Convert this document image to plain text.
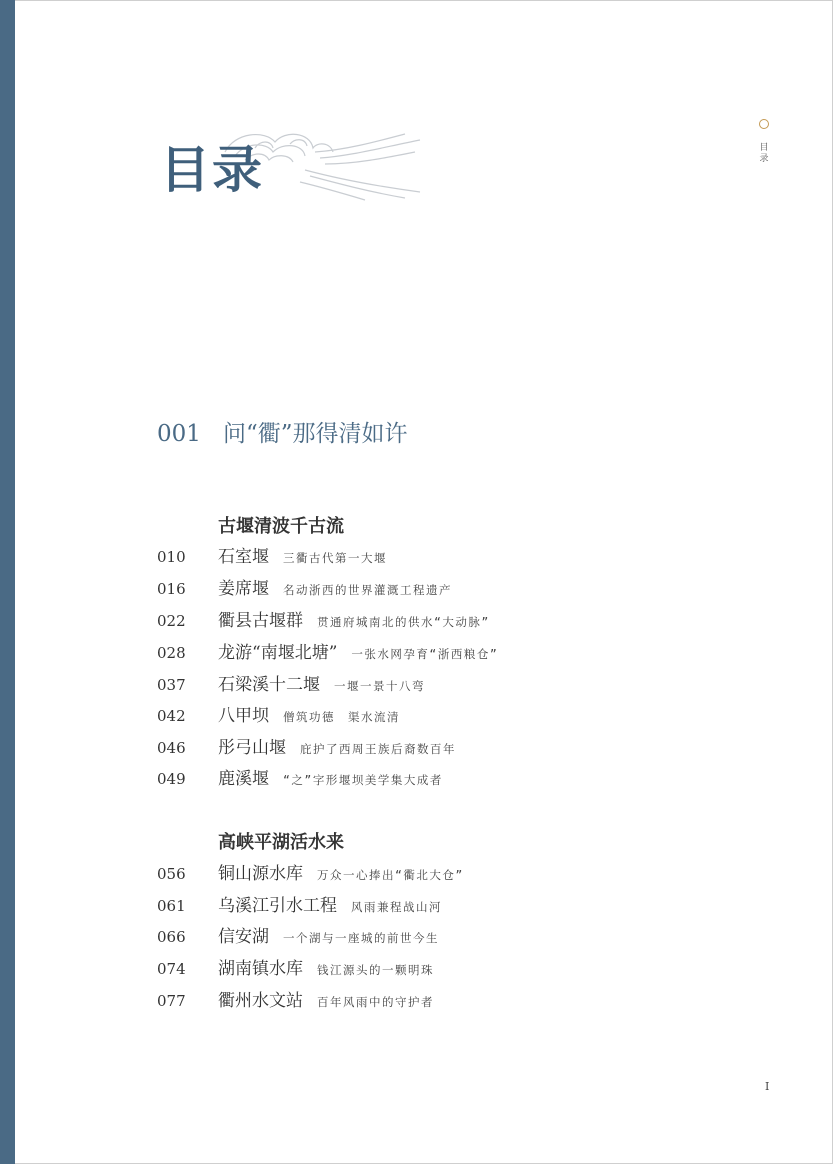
目录	目录
001 问“衢”那得清如许
古堰清波千古流
010 石室堰 三衢古代第一大堰
016 姜席堰 名动浙西的世界灌溉工程遗产
022 衢县古堰群 贯通府城南北的供水“大动脉”
028 龙游“南堰北塘” 一张水网孕育“浙西粮仓”
037 石梁溪十二堰 一堰一景十八弯
042 八甲坝 僧筑功德　渠水流清
046 彤弓山堰 庇护了西周王族后裔数百年
049 鹿溪堰 “之”字形堰坝美学集大成者
高峡平湖活水来
056 铜山源水库 万众一心捧出“衢北大仓”
061 乌溪江引水工程 风雨兼程战山河
066 信安湖 一个湖与一座城的前世今生
074 湖南镇水库 钱江源头的一颗明珠
077 衢州水文站 百年风雨中的守护者
I
